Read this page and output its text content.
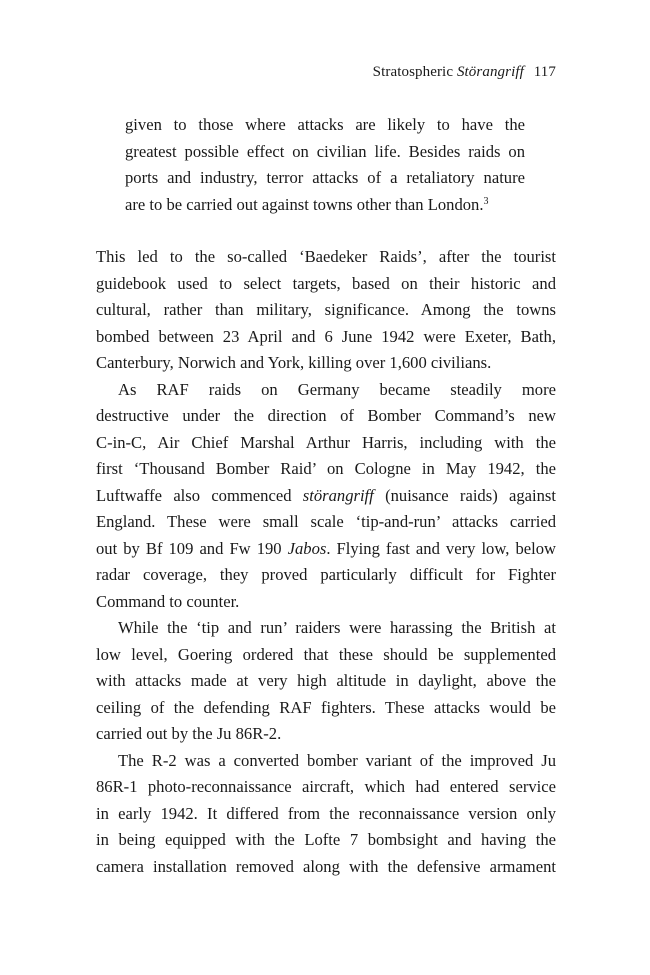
Stratospheric Störangriff 117
given to those where attacks are likely to have the
greatest possible effect on civilian life. Besides raids on
ports and industry, terror attacks of a retaliatory nature
are to be carried out against towns other than London.$^3$
This led to the so-called ‘Baedeker Raids’, after the tourist
guidebook used to select targets, based on their historic and
cultural, rather than military, significance. Among the towns
bombed between 23 April and 6 June 1942 were Exeter, Bath,
Canterbury, Norwich and York, killing over 1,600 civilians.
As RAF raids on Germany became steadily more
destructive under the direction of Bomber Command’s new
C-in-C, Air Chief Marshal Arthur Harris, including with the
first ‘Thousand Bomber Raid’ on Cologne in May 1942, the
Luftwaffe also commenced störangriff (nuisance raids) against
England. These were small scale ‘tip-and-run’ attacks carried
out by Bf 109 and Fw 190 Jabos. Flying fast and very low, below
radar coverage, they proved particularly difficult for Fighter
Command to counter.
While the ‘tip and run’ raiders were harassing the British at
low level, Goering ordered that these should be supplemented
with attacks made at very high altitude in daylight, above the
ceiling of the defending RAF fighters. These attacks would be
carried out by the Ju 86R-2.
The R-2 was a converted bomber variant of the improved Ju
86R-1 photo-reconnaissance aircraft, which had entered service
in early 1942. It differed from the reconnaissance version only
in being equipped with the Lofte 7 bombsight and having the
camera installation removed along with the defensive armament
